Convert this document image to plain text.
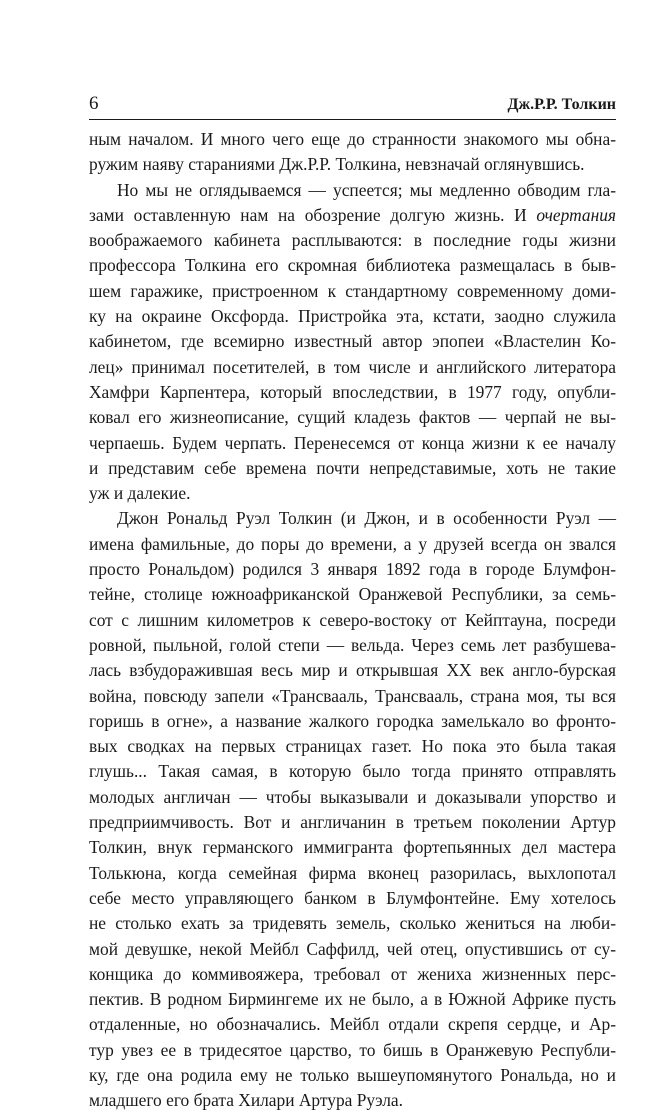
6	Дж.Р.Р. Толкин
ным началом. И много чего еще до странности знакомого мы обна-
ружим наяву стараниями Дж.Р.Р. Толкина, невзначай оглянувшись.
Но мы не оглядываемся — успеется; мы медленно обводим гла-
зами оставленную нам на обозрение долгую жизнь. И очертания
воображаемого кабинета расплываются: в последние годы жизни
профессора Толкина его скромная библиотека размещалась в быв-
шем гаражике, пристроенном к стандартному современному доми-
ку на окраине Оксфорда. Пристройка эта, кстати, заодно служила
кабинетом, где всемирно известный автор эпопеи «Властелин Ко-
лец» принимал посетителей, в том числе и английского литератора
Хамфри Карпентера, который впоследствии, в 1977 году, опубли-
ковал его жизнеописание, сущий кладезь фактов — черпай не вы-
черпаешь. Будем черпать. Перенесемся от конца жизни к ее началу
и представим себе времена почти непредставимые, хоть не такие
уж и далекие.
Джон Рональд Руэл Толкин (и Джон, и в особенности Руэл —
имена фамильные, до поры до времени, а у друзей всегда он звался
просто Рональдом) родился 3 января 1892 года в городе Блумфон-
тейне, столице южноафриканской Оранжевой Республики, за семь-
сот с лишним километров к северо-востоку от Кейптауна, посреди
ровной, пыльной, голой степи — вельда. Через семь лет разбушева-
лась взбудоражившая весь мир и открывшая ХХ век англо-бурская
война, повсюду запели «Трансвааль, Трансвааль, страна моя, ты вся
горишь в огне», а название жалкого городка замелькало во фронто-
вых сводках на первых страницах газет. Но пока это была такая
глушь... Такая самая, в которую было тогда принято отправлять
молодых англичан — чтобы выказывали и доказывали упорство и
предприимчивость. Вот и англичанин в третьем поколении Артур
Толкин, внук германского иммигранта фортепьянных дел мастера
Толькюна, когда семейная фирма вконец разорилась, выхлопотал
себе место управляющего банком в Блумфонтейне. Ему хотелось
не столько ехать за тридевять земель, сколько жениться на люби-
мой девушке, некой Мейбл Саффилд, чей отец, опустившись от су-
конщика до коммивояжера, требовал от жениха жизненных перс-
пектив. В родном Бирмингеме их не было, а в Южной Африке пусть
отдаленные, но обозначались. Мейбл отдали скрепя сердце, и Ар-
тур увез ее в тридесятое царство, то бишь в Оранжевую Республи-
ку, где она родила ему не только вышеупомянутого Рональда, но и
младшего его брата Хилари Артура Руэла.
